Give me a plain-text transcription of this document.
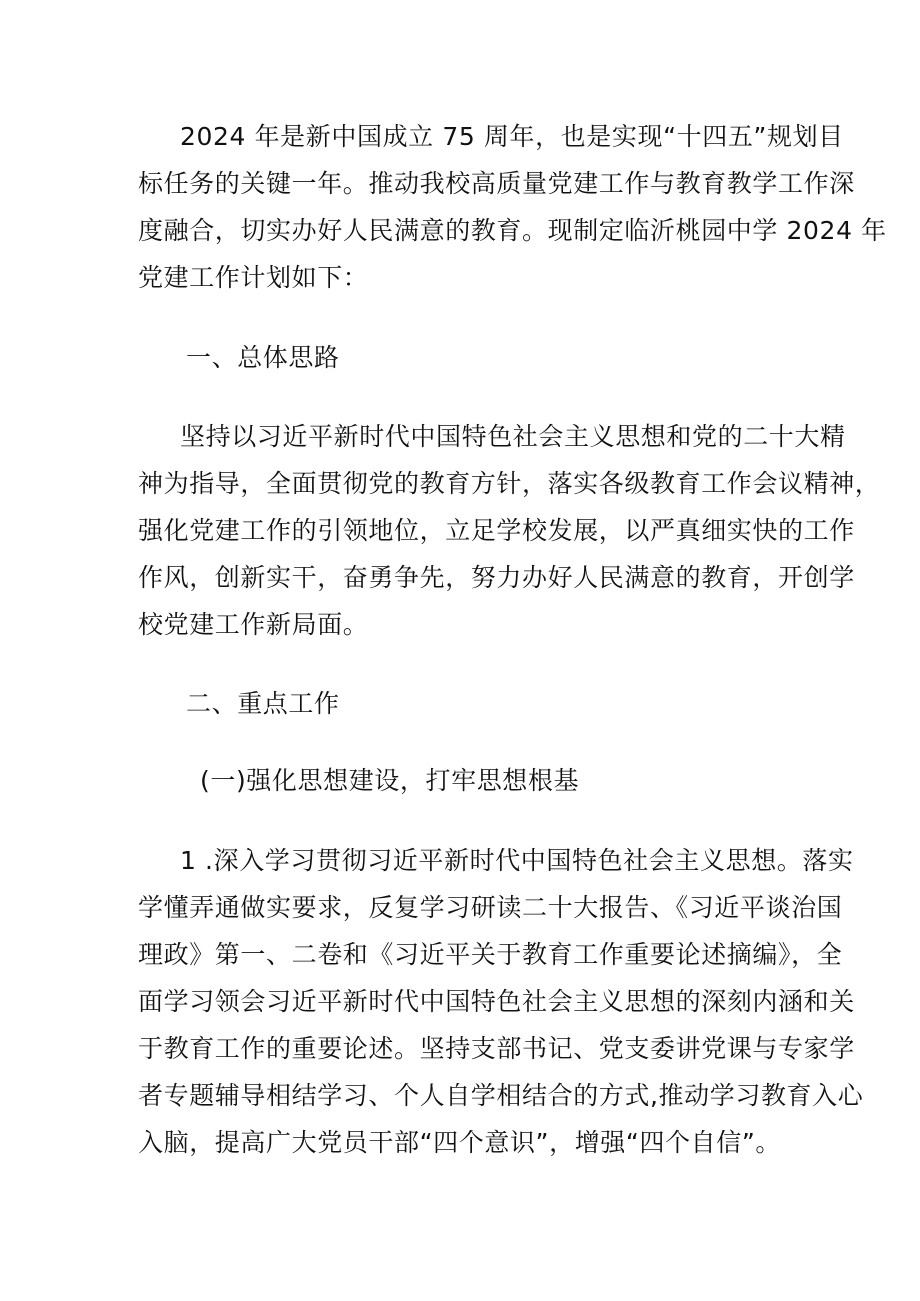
2024 年是新中国成立 75 周年，也是实现“十四五”规划目
标任务的关键一年。推动我校高质量党建工作与教育教学工作深
度融合，切实办好人民满意的教育。现制定临沂桃园中学 2024 年
党建工作计划如下：
一、总体思路
坚持以习近平新时代中国特色社会主义思想和党的二十大精
神为指导，全面贯彻党的教育方针，落实各级教育工作会议精神，
强化党建工作的引领地位，立足学校发展，以严真细实快的工作
作风，创新实干，奋勇争先，努力办好人民满意的教育，开创学
校党建工作新局面。
二、重点工作
(一)强化思想建设，打牢思想根基
1 .深入学习贯彻习近平新时代中国特色社会主义思想。落实
学懂弄通做实要求，反复学习研读二十大报告、《习近平谈治国
理政》第一、二卷和《习近平关于教育工作重要论述摘编》，全
面学习领会习近平新时代中国特色社会主义思想的深刻内涵和关
于教育工作的重要论述。坚持支部书记、党支委讲党课与专家学
者专题辅导相结学习、个人自学相结合的方式,推动学习教育入心
入脑，提高广大党员干部“四个意识”，增强“四个自信”。
